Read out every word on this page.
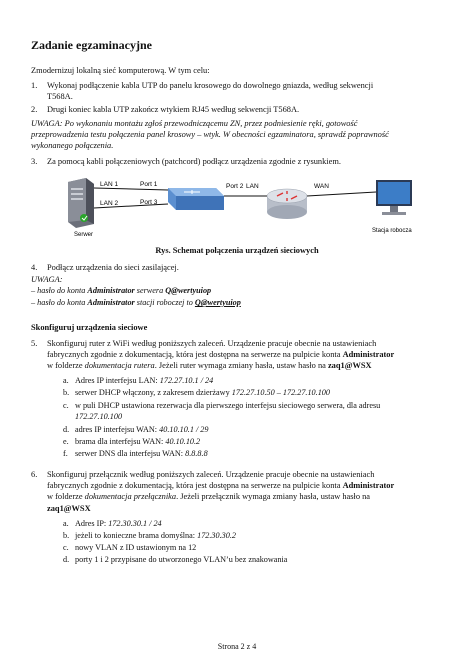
Zadanie egzaminacyjne

Zmodernizuj lokalną sieć komputerową. W tym celu:

1. Wykonaj podłączenie kabla UTP do panelu krosowego do dowolnego gniazda, według sekwencji

T568A.

2. Drugi koniec kabla UTP zakończ wtykiem RJ45 według sekwencji T568A.

UWAGA: Po wykonaniu montażu zgłoś przewodniczącemu ZN, przez podniesienie ręki, gotowość

przeprowadzenia testu połączenia panel krosowy – wtyk. W obecności egzaminatora, sprawdź poprawność

wykonanego połączenia.

3. Za pomocą kabli połączeniowych (patchcord) podłącz urządzenia zgodnie z rysunkiem.

Serwer
Stacja robocza
LAN 1
LAN 2
Port 1
Port 3
Port 2 LAN	WAN
Rys. Schemat połączenia urządzeń sieciowych
4. Podłącz urządzenia do sieci zasilającej.

UWAGA:

– hasło do konta Administrator serwera Q@wertyuiop
– hasło do konta Administrator stacji roboczej to Q@wertyuiop

Skonfiguruj urządzenia sieciowe

5. Skonfiguruj ruter z WiFi według poniższych zaleceń. Urządzenie pracuje obecnie na ustawieniach

fabrycznych zgodnie z dokumentacją, która jest dostępna na serwerze na pulpicie konta Administrator

w folderze dokumentacja rutera. Jeżeli ruter wymaga zmiany hasła, ustaw hasło na zaq1@WSX

a. Adres IP interfejsu LAN: 172.27.10.1 / 24
b. serwer DHCP włączony, z zakresem dzierżawy 172.27.10.50 – 172.27.10.100
c. w puli DHCP ustawiona rezerwacja dla pierwszego interfejsu sieciowego serwera, dla adresu
172.27.10.100
d. adres IP interfejsu WAN: 40.10.10.1 / 29
e. brama dla interfejsu WAN: 40.10.10.2
f. serwer DNS dla interfejsu WAN: 8.8.8.8
6. Skonfiguruj przełącznik według poniższych zaleceń. Urządzenie pracuje obecnie na ustawieniach

fabrycznych zgodnie z dokumentacją, która jest dostępna na serwerze na pulpicie konta Administrator

w folderze dokumentacja przełącznika. Jeżeli przełącznik wymaga zmiany hasła, ustaw hasło na

zaq1@WSX

a. Adres IP: 172.30.30.1 / 24
b. jeżeli to konieczne brama domyślna: 172.30.30.2
c. nowy VLAN z ID ustawionym na 12
d. porty 1 i 2 przypisane do utworzonego VLAN’u bez znakowania
Strona 2 z 4
